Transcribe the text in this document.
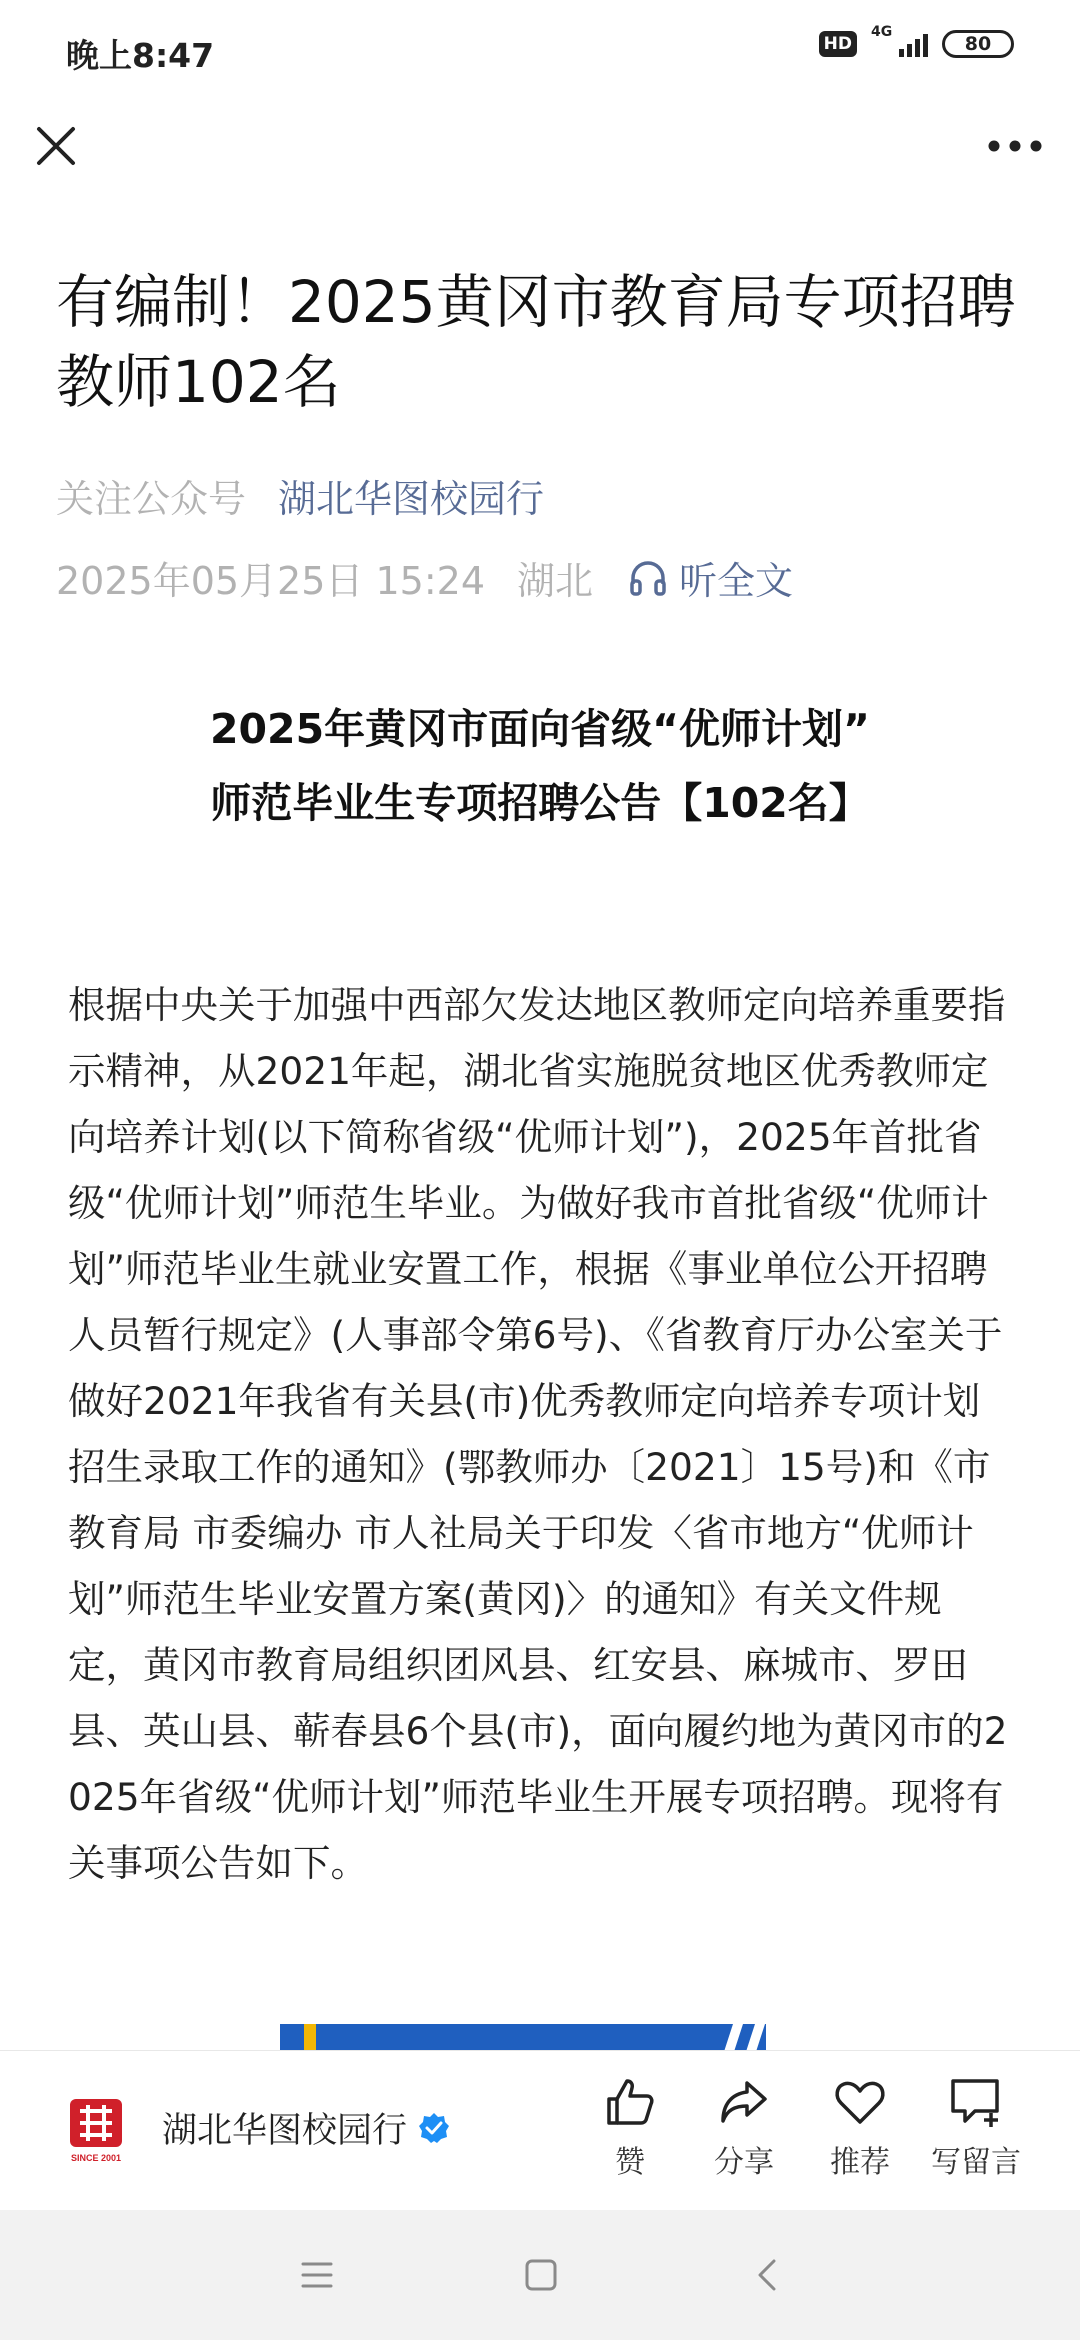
晚上8:47	HD
4G
80
有编制！2025黄冈市教育局专项招聘教师102名
关注公众号 湖北华图校园行
2025年05月25日 15:24 湖北 听全文
2025年黄冈市面向省级“优师计划”
师范毕业生专项招聘公告【102名】

根据中央关于加强中西部欠发达地区教师定向培养重要指示精神，从2021年起，湖北省实施脱贫地区优秀教师定向培养计划(以下简称省级“优师计划”)，2025年首批省级“优师计划”师范生毕业。为做好我市首批省级“优师计划”师范毕业生就业安置工作，根据《事业单位公开招聘人员暂行规定》(人事部令第6号)、《省教育厅办公室关于做好2021年我省有关县(市)优秀教师定向培养专项计划招生录取工作的通知》(鄂教师办〔2021〕15号)和《市教育局 市委编办 市人社局关于印发〈省市地方“优师计划”师范生毕业安置方案(黄冈)〉的通知》有关文件规定，黄冈市教育局组织团风县、红安县、麻城市、罗田县、英山县、蕲春县6个县(市)，面向履约地为黄冈市的2025年省级“优师计划”师范毕业生开展专项招聘。现将有关事项公告如下。

SINCE 2001
湖北华图校园行
赞 分享 推荐 写留言
